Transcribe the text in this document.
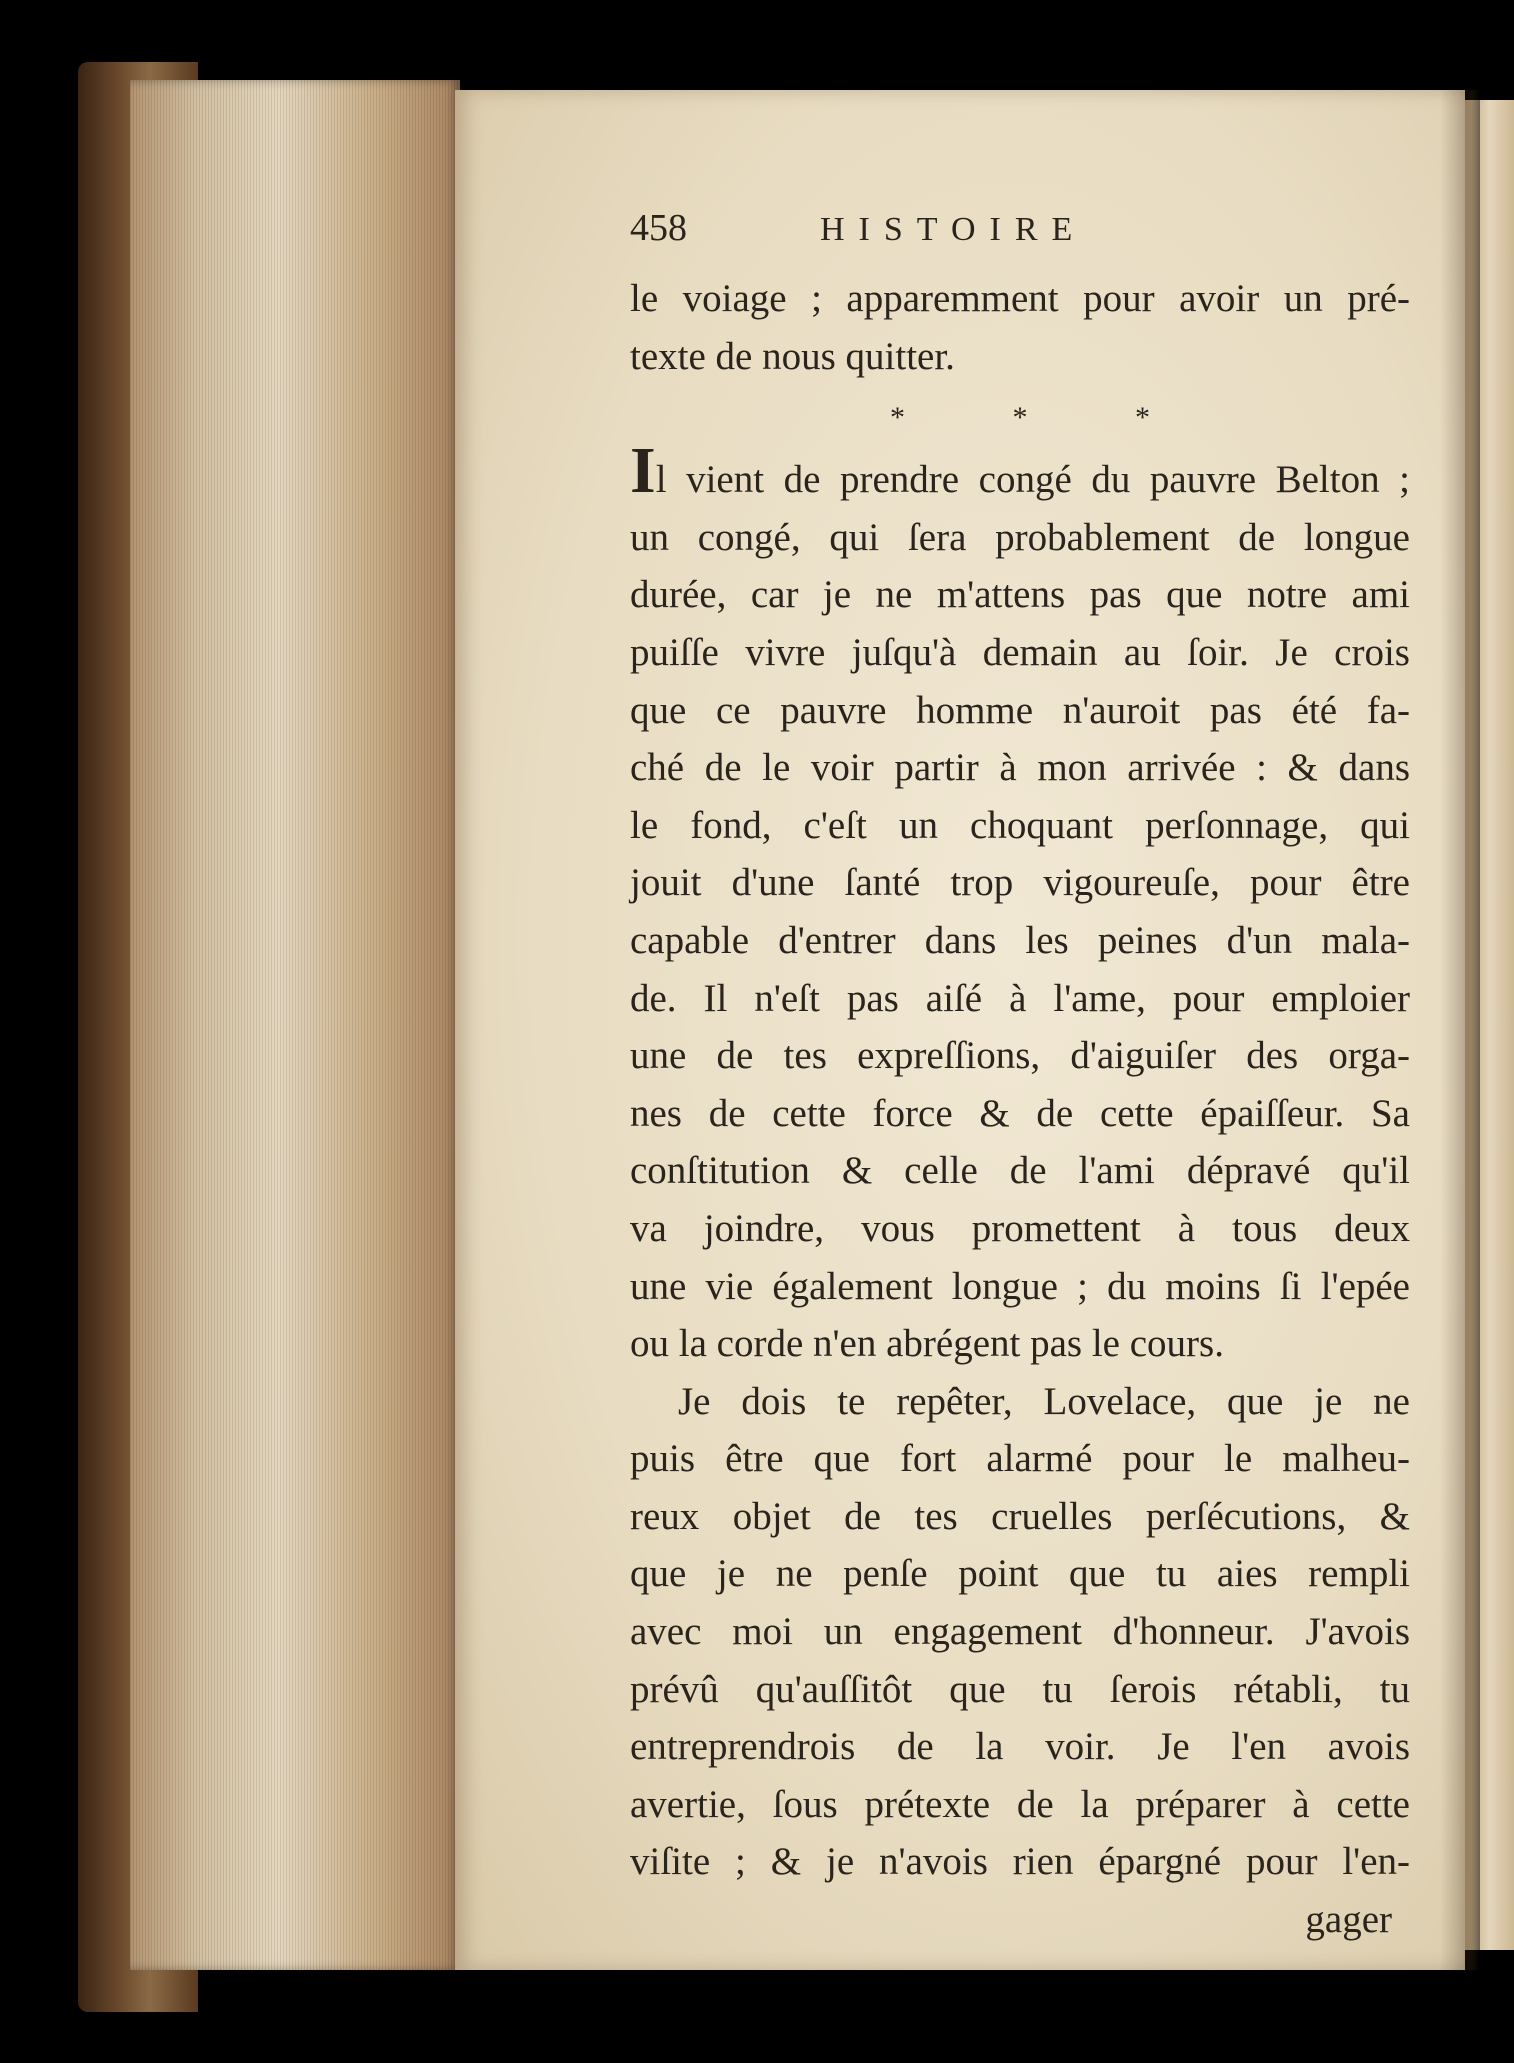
458	HISTOIRE
le voiage ; apparemment pour avoir un pré-
texte de nous quitter.
* * *
Il vient de prendre congé du pauvre Belton ;
un congé, qui ſera probablement de longue
durée, car je ne m'attens pas que notre ami
puiſſe vivre juſqu'à demain au ſoir. Je crois
que ce pauvre homme n'auroit pas été fa-
ché de le voir partir à mon arrivée : & dans
le fond, c'eſt un choquant perſonnage, qui
jouit d'une ſanté trop vigoureuſe, pour être
capable d'entrer dans les peines d'un mala-
de. Il n'eſt pas aiſé à l'ame, pour emploier
une de tes expreſſions, d'aiguiſer des orga-
nes de cette force & de cette épaiſſeur. Sa
conſtitution & celle de l'ami dépravé qu'il
va joindre, vous promettent à tous deux
une vie également longue ; du moins ſi l'epée
ou la corde n'en abrégent pas le cours.
Je dois te repêter, Lovelace, que je ne
puis être que fort alarmé pour le malheu-
reux objet de tes cruelles perſécutions, &
que je ne penſe point que tu aies rempli
avec moi un engagement d'honneur. J'avois
prévû qu'auſſitôt que tu ſerois rétabli, tu
entreprendrois de la voir. Je l'en avois
avertie, ſous prétexte de la préparer à cette
viſite ; & je n'avois rien épargné pour l'en-
gager
